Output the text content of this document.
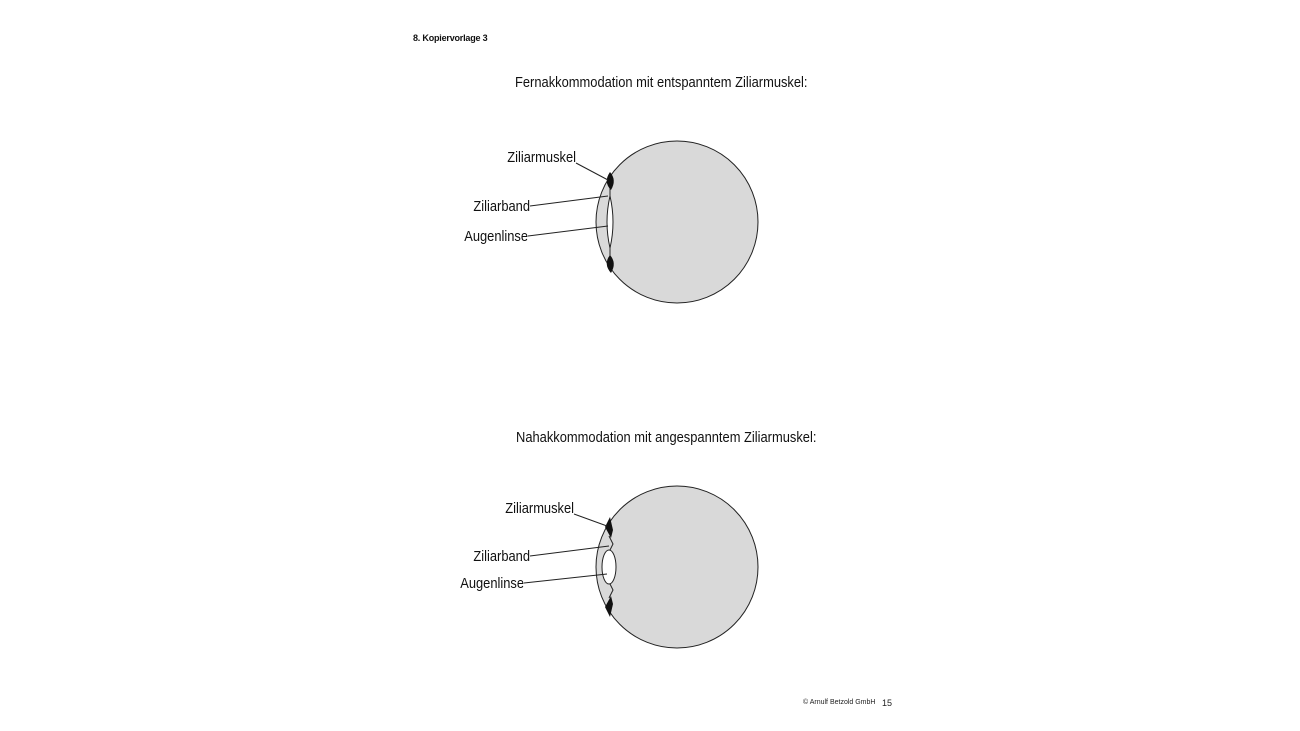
8. Kopiervorlage 3
Fernakkommodation mit entspanntem Ziliarmuskel:
Nahakkommodation mit angespanntem Ziliarmuskel:
Ziliarmuskel
Ziliarband
Augenlinse
Ziliarmuskel
Ziliarband
Augenlinse
© Arnulf Betzold GmbH 15
